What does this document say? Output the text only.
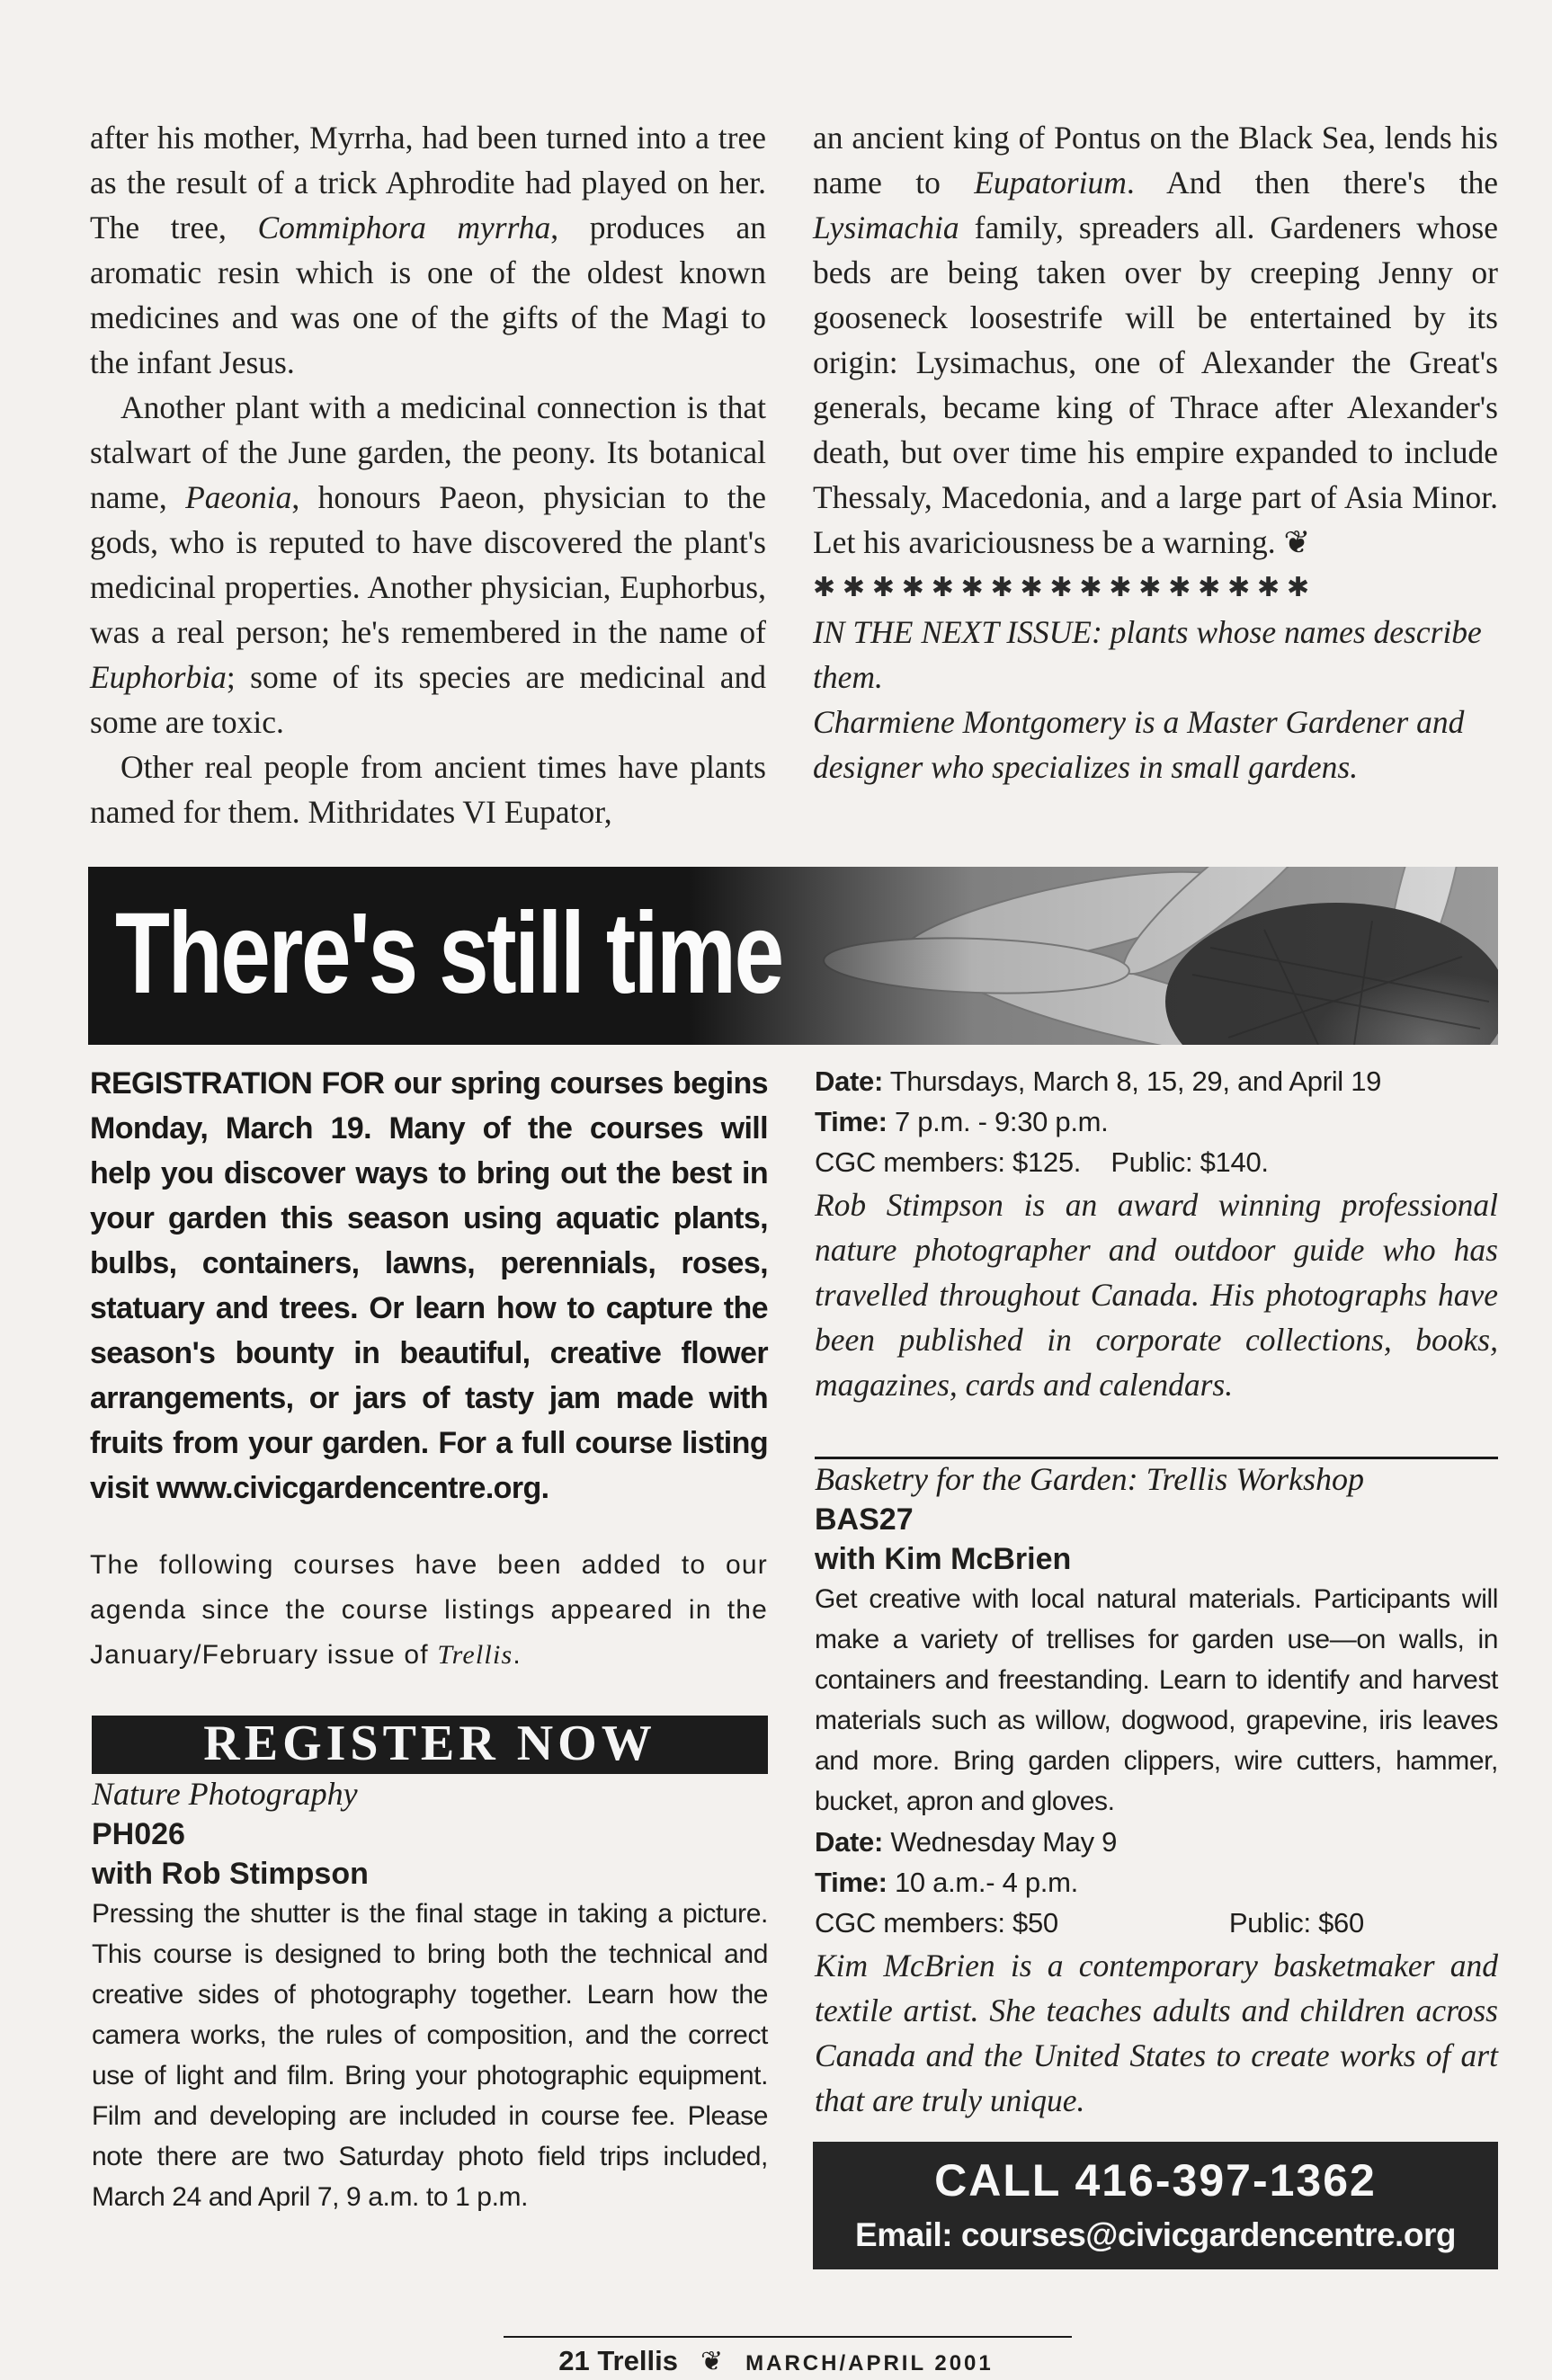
after his mother, Myrrha, had been turned into a tree as the result of a trick Aphrodite had played on her. The tree, Commiphora myrrha, produces an aromatic resin which is one of the oldest known medicines and was one of the gifts of the Magi to the infant Jesus.

Another plant with a medicinal connection is that stalwart of the June garden, the peony. Its botanical name, Paeonia, honours Paeon, physician to the gods, who is reputed to have discovered the plant's medicinal properties. Another physician, Euphorbus, was a real person; he's remembered in the name of Euphorbia; some of its species are medicinal and some are toxic.

Other real people from ancient times have plants named for them. Mithridates VI Eupator,

an ancient king of Pontus on the Black Sea, lends his name to Eupatorium. And then there's the Lysimachia family, spreaders all. Gardeners whose beds are being taken over by creeping Jenny or gooseneck loosestrife will be entertained by its origin: Lysimachus, one of Alexander the Great's generals, became king of Thrace after Alexander's death, but over time his empire expanded to include Thessaly, Macedonia, and a large part of Asia Minor. Let his avariciousness be a warning. ❦

✱✱✱✱✱✱✱✱✱✱✱✱✱✱✱✱✱

IN THE NEXT ISSUE: plants whose names describe them.

Charmiene Montgomery is a Master Gardener and designer who specializes in small gardens.

There's still time

REGISTRATION FOR our spring courses begins Monday, March 19. Many of the courses will help you discover ways to bring out the best in your garden this season using aquatic plants, bulbs, containers, lawns, perennials, roses, statuary and trees. Or learn how to capture the season's bounty in beautiful, creative flower arrangements, or jars of tasty jam made with fruits from your garden. For a full course listing visit www.civicgardencentre.org.

The following courses have been added to our agenda since the course listings appeared in the January/February issue of Trellis.

REGISTER NOW

Nature Photography

PH026

with Rob Stimpson

Pressing the shutter is the final stage in taking a picture. This course is designed to bring both the technical and creative sides of photography together. Learn how the camera works, the rules of composition, and the correct use of light and film. Bring your photographic equipment. Film and developing are included in course fee. Please note there are two Saturday photo field trips included, March 24 and April 7, 9 a.m. to 1 p.m.

Date: Thursdays, March 8, 15, 29, and April 19

Time: 7 p.m. - 9:30 p.m.

CGC members: $125. Public: $140.

Rob Stimpson is an award winning professional nature photographer and outdoor guide who has travelled throughout Canada. His photographs have been published in corporate collections, books, magazines, cards and calendars.

Basketry for the Garden: Trellis Workshop

BAS27

with Kim McBrien

Get creative with local natural materials. Participants will make a variety of trellises for garden use—on walls, in containers and freestanding. Learn to identify and harvest materials such as willow, dogwood, grapevine, iris leaves and more. Bring garden clippers, wire cutters, hammer, bucket, apron and gloves.

Date: Wednesday May 9

Time: 10 a.m.- 4 p.m.

CGC members: $50	Public: $60

Kim McBrien is a contemporary basketmaker and textile artist. She teaches adults and children across Canada and the United States to create works of art that are truly unique.

CALL 416-397-1362
Email: courses@civicgardencentre.org
21 Trellis ❦ MARCH/APRIL 2001
